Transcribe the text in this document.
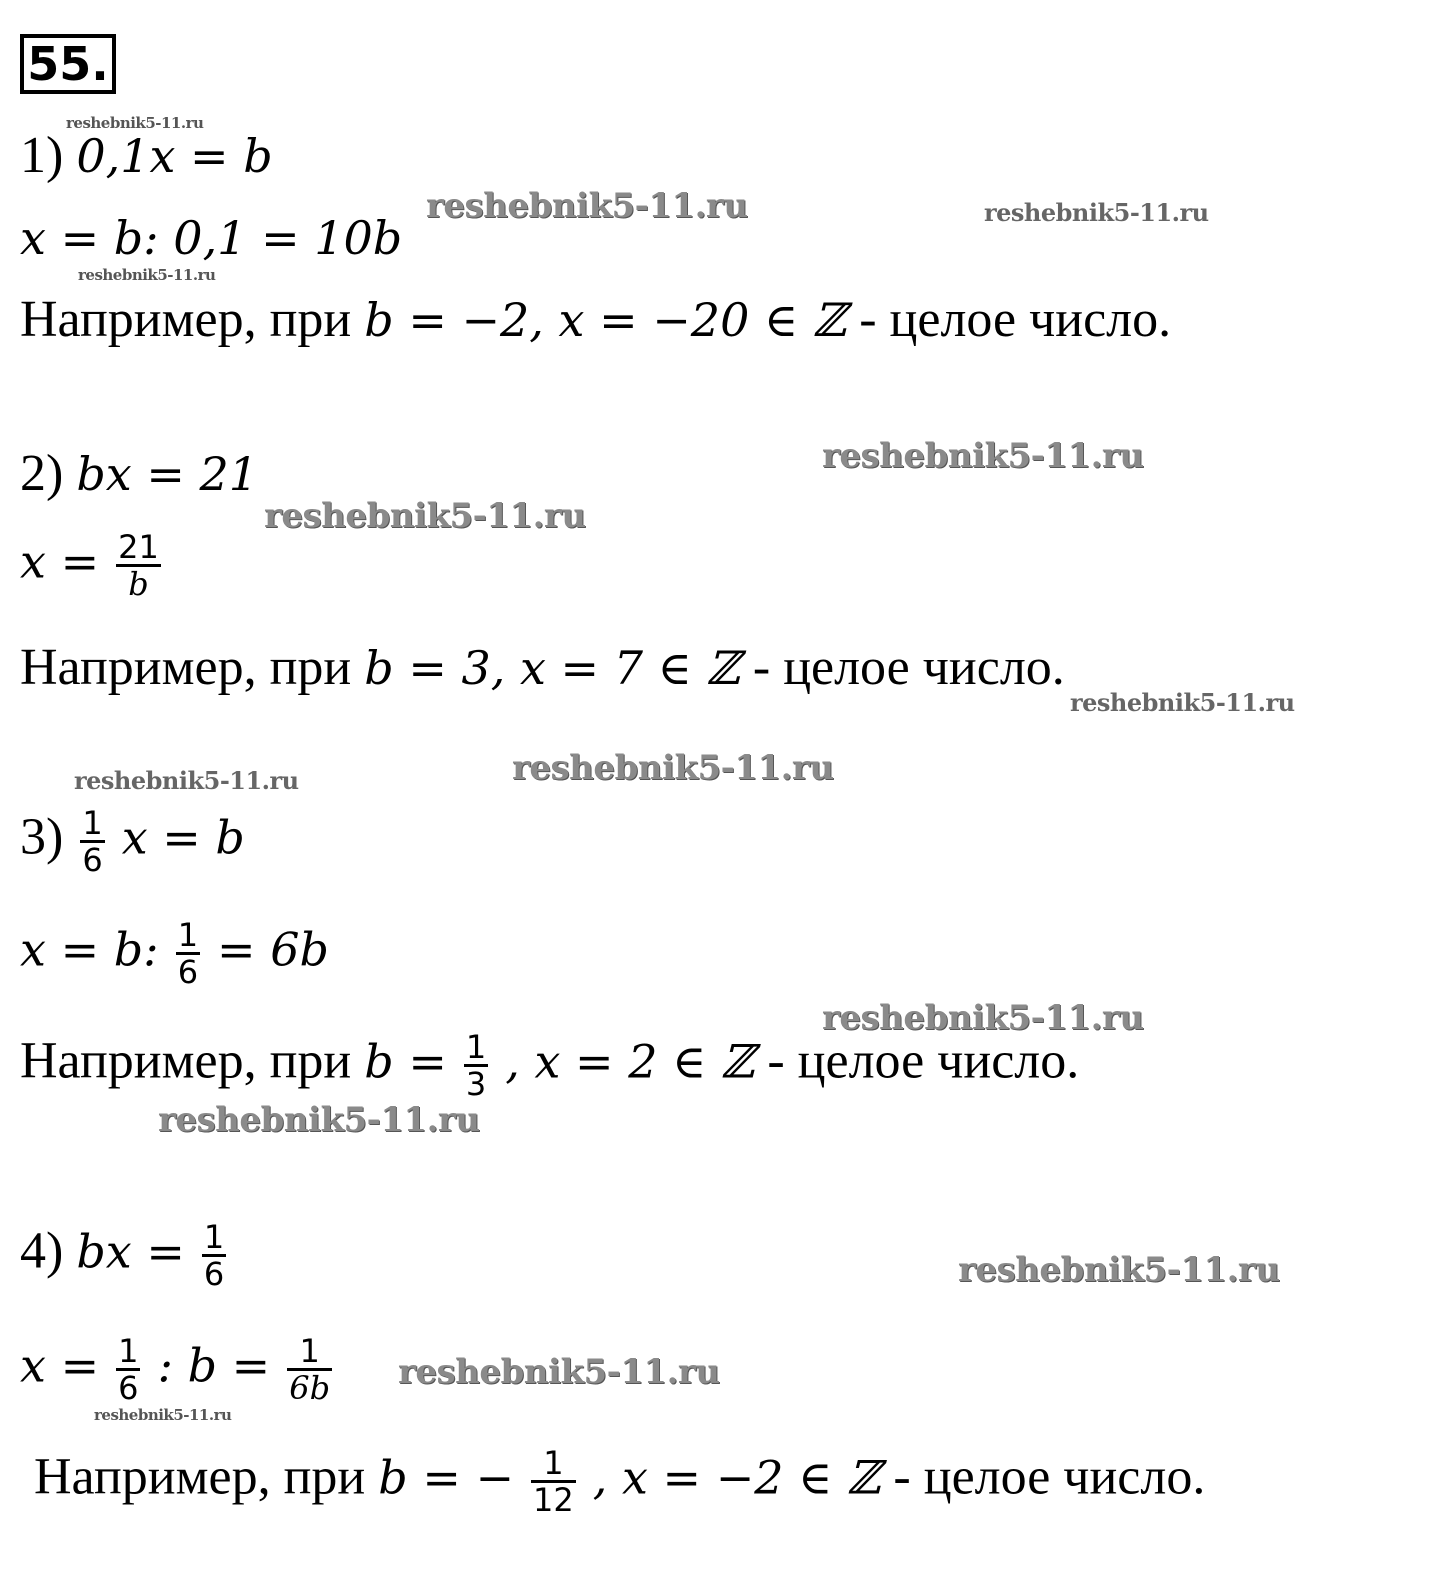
55.
1) 0,1x = b
x = b: 0,1 = 10b
Например, при b = −2, x = −20 ∈ ℤ - целое число.
2) bx = 21
$x = \frac{21}{b}$
Например, при b = 3, x = 7 ∈ ℤ - целое число.
$3) \frac{1}{6}$ x = b
x = b: $\frac{1}{6} = 6b$
Например, при $b = \frac{1}{3}$ , x = 2 ∈ ℤ - целое число.
4) bx = $\frac{1}{6}$
$x = \frac{1}{6}$ : $b = \frac{1}{6b}$
Например, при b = − $\frac{1}{12}$ , x = −2 ∈ ℤ - целое число.
reshebnik5-11.ru
reshebnik5-11.ru	reshebnik5-11.ru
reshebnik5-11.ru
reshebnik5-11.ru
reshebnik5-11.ru
reshebnik5-11.ru
reshebnik5-11.ru
reshebnik5-11.ru
reshebnik5-11.ru
reshebnik5-11.ru
reshebnik5-11.ru
reshebnik5-11.ru
reshebnik5-11.ru
